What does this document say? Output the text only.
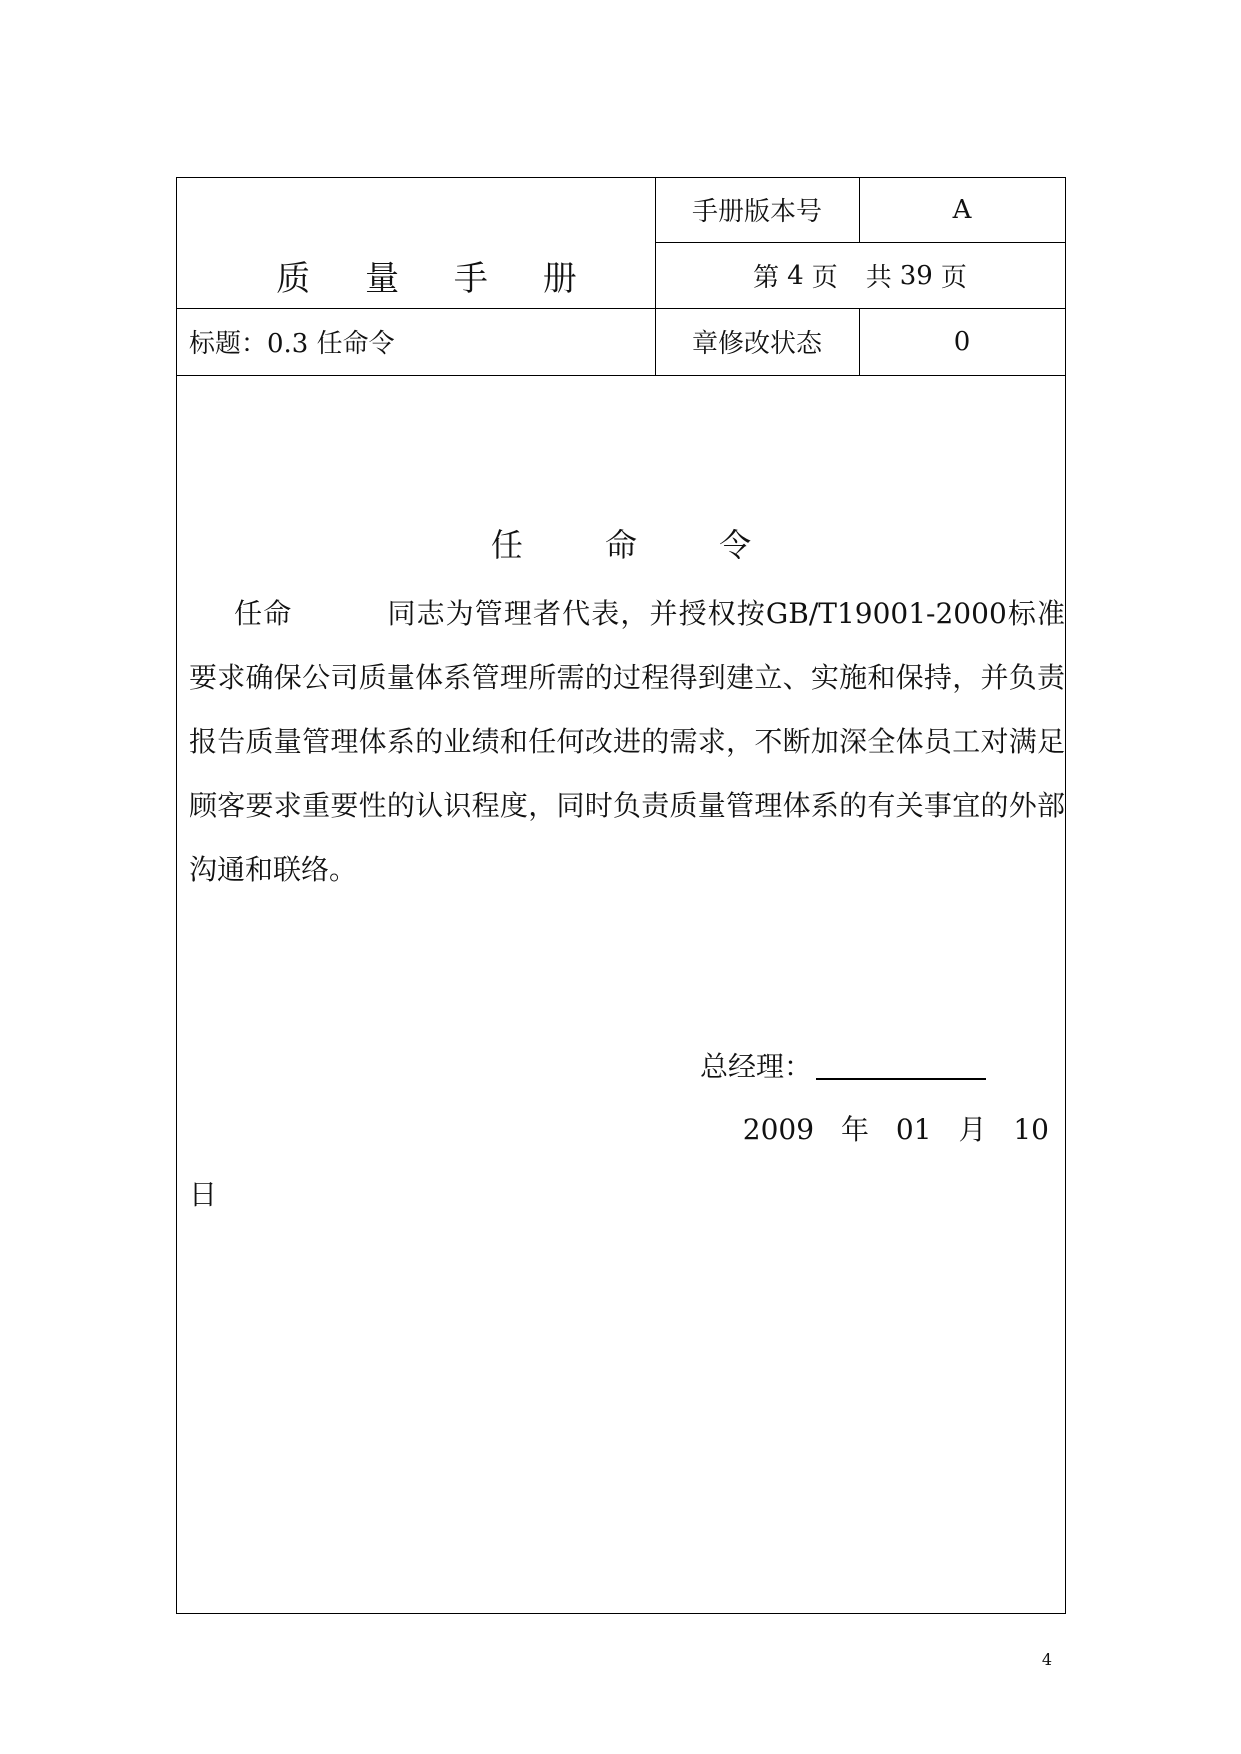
质 量 手 册
手册版本号	A
第 4 页 共 39 页
标题：0.3 任命令	章修改状态	0
任 命 令

任命	同志为管理者代表，并授权按GB/T19001-2000标准要求确保公司质量体系管理所需的过程得到建立、实施和保持，并负责报告质量管理体系的业绩和任何改进的需求，不断加深全体员工对满足顾客要求重要性的认识程度，同时负责质量管理体系的有关事宜的外部沟通和联络。

总经理：
2009 年 01 月 10
日
4
